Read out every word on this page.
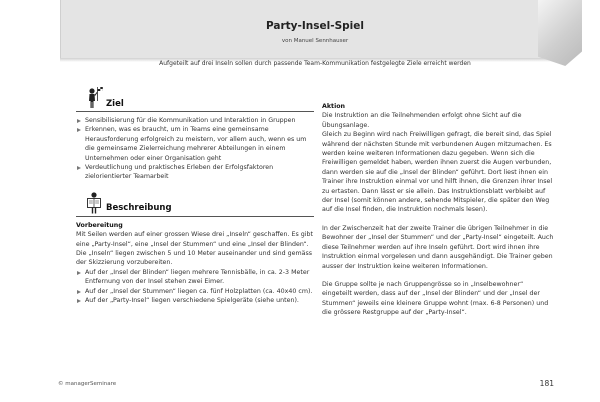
Party-Insel-Spiel
von Manuel Sennhauser
Aufgeteilt auf drei Inseln sollen durch passende Team-Kommunikation festgelegte Ziele erreicht werden
Ziel
Sensibilisierung für die Kommunikation und Interaktion in Gruppen
Erkennen, was es braucht, um in Teams eine gemeinsame Herausforderung erfolgreich zu meistern, vor allem auch, wenn es um die gemeinsame Zielerreichung mehrerer Abteilungen in einem Unternehmen oder einer Organisation geht
Verdeutlichung und praktisches Erleben der Erfolgsfaktoren zielorientierter Teamarbeit
Beschreibung
Vorbereitung
Mit Seilen werden auf einer grossen Wiese drei „Inseln“ geschaffen. Es gibt eine „Party-Insel“, eine „Insel der Stummen“ und eine „Insel der Blinden“. Die „Inseln“ liegen zwischen 5 und 10 Meter auseinander und sind gemäss der Skizzierung vorzubereiten.
Auf der „Insel der Blinden“ liegen mehrere Tennisbälle, in ca. 2-3 Meter Entfernung von der Insel stehen zwei Eimer.
Auf der „Insel der Stummen“ liegen ca. fünf Holzplatten (ca. 40x40 cm).
Auf der „Party-Insel“ liegen verschiedene Spielgeräte (siehe unten).
Aktion
Die Instruktion an die Teilnehmenden erfolgt ohne Sicht auf die Übungsanlage.
Gleich zu Beginn wird nach Freiwilligen gefragt, die bereit sind, das Spiel während der nächsten Stunde mit verbundenen Augen mitzumachen. Es werden keine weiteren Informationen dazu gegeben. Wenn sich die Freiwilligen gemeldet haben, werden ihnen zuerst die Augen verbunden, dann werden sie auf die „Insel der Blinden“ geführt. Dort liest ihnen ein Trainer ihre Instruktion einmal vor und hilft ihnen, die Grenzen ihrer Insel zu ertasten. Dann lässt er sie allein. Das Instruktionsblatt verbleibt auf der Insel (somit können andere, sehende Mitspieler, die später den Weg auf die Insel finden, die Instruktion nochmals lesen).
In der Zwischenzeit hat der zweite Trainer die übrigen Teilnehmer in die Bewohner der „Insel der Stummen“ und der „Party-Insel“ eingeteilt. Auch diese Teilnehmer werden auf ihre Inseln geführt. Dort wird ihnen ihre Instruktion einmal vorgelesen und dann ausgehändigt. Die Trainer geben ausser der Instruktion keine weiteren Informationen.
Die Gruppe sollte je nach Gruppengrösse so in „Inselbewohner“ eingeteilt werden, dass auf der „Insel der Blinden“ und der „Insel der Stummen“ jeweils eine kleinere Gruppe wohnt (max. 6-8 Personen) und die grössere Restgruppe auf der „Party-Insel“.
© managerSeminare	181
